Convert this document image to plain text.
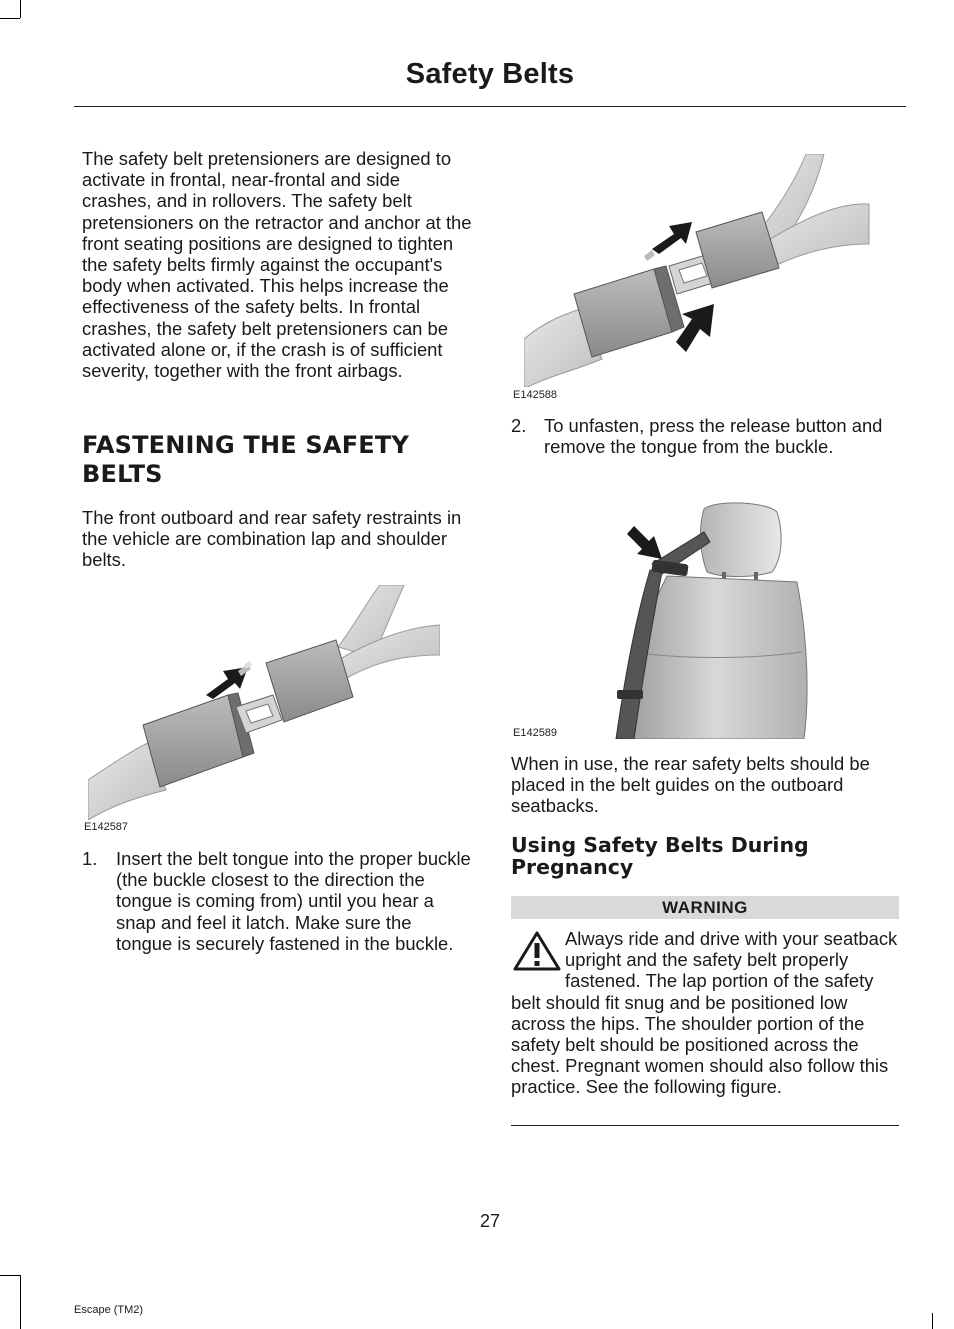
Safety Belts

The safety belt pretensioners are designed to activate in frontal, near-frontal and side crashes, and in rollovers. The safety belt pretensioners on the retractor and anchor at the front seating positions are designed to tighten the safety belts firmly against the occupant's body when activated. This helps increase the effectiveness of the safety belts. In frontal crashes, the safety belt pretensioners can be activated alone or, if the crash is of sufficient severity, together with the front airbags.

FASTENING THE SAFETY BELTS

The front outboard and rear safety restraints in the vehicle are combination lap and shoulder belts.

E142587
1. Insert the belt tongue into the proper buckle (the buckle closest to the direction the tongue is coming from) until you hear a snap and feel it latch. Make sure the tongue is securely fastened in the buckle.
E142588
2. To unfasten, press the release button and remove the tongue from the buckle.
E142589

When in use, the rear safety belts should be placed in the belt guides on the outboard seatbacks.

Using Safety Belts During Pregnancy
WARNING
Always ride and drive with your seatback upright and the safety belt properly fastened. The lap portion of the safety belt should fit snug and be positioned low across the hips. The shoulder portion of the safety belt should be positioned across the chest. Pregnant women should also follow this practice. See the following figure.
27
Escape (TM2)
